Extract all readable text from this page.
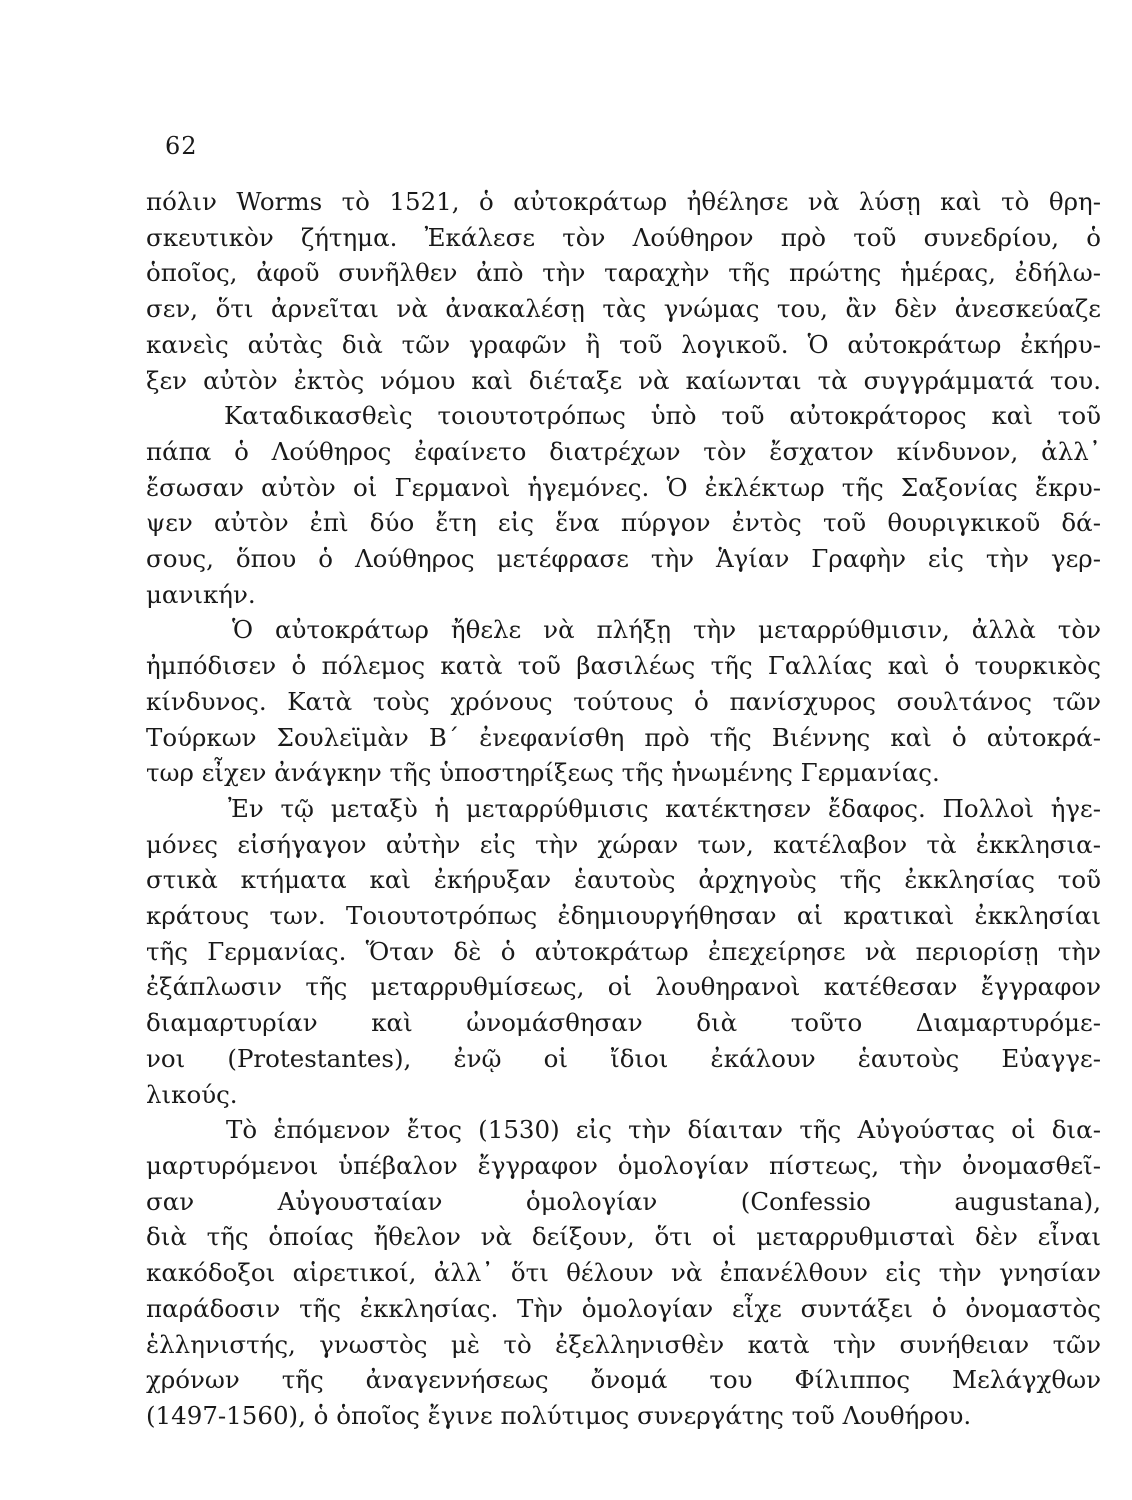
62

πόλιν Worms τὸ 1521, ὁ αὐτοκράτωρ ἠθέλησε νὰ λύσῃ καὶ τὸ θρη-

σκευτικὸν ζήτημα. Ἐκάλεσε τὸν Λούθηρον πρὸ τοῦ συνεδρίου, ὁ

ὁποῖος, ἀφοῦ συνῆλθεν ἀπὸ τὴν ταραχὴν τῆς πρώτης ἡμέρας, ἐδήλω-

σεν, ὅτι ἀρνεῖται νὰ ἀνακαλέσῃ τὰς γνώμας του, ἂν δὲν ἀνεσκεύαζε

κανεὶς αὐτὰς διὰ τῶν γραφῶν ἢ τοῦ λογικοῦ. Ὁ αὐτοκράτωρ ἐκήρυ-

ξεν αὐτὸν ἐκτὸς νόμου καὶ διέταξε νὰ καίωνται τὰ συγγράμματά του.

Καταδικασθεὶς τοιουτοτρόπως ὑπὸ τοῦ αὐτοκράτορος καὶ τοῦ

πάπα ὁ Λούθηρος ἐφαίνετο διατρέχων τὸν ἔσχατον κίνδυνον, ἀλλ᾽

ἔσωσαν αὐτὸν οἱ Γερμανοὶ ἡγεμόνες. Ὁ ἐκλέκτωρ τῆς Σαξονίας ἔκρυ-

ψεν αὐτὸν ἐπὶ δύο ἔτη εἰς ἕνα πύργον ἐντὸς τοῦ θουριγκικοῦ δά-

σους, ὅπου ὁ Λούθηρος μετέφρασε τὴν Ἁγίαν Γραφὴν εἰς τὴν γερ-

μανικήν.

Ὁ αὐτοκράτωρ ἤθελε νὰ πλήξῃ τὴν μεταρρύθμισιν, ἀλλὰ τὸν

ἠμπόδισεν ὁ πόλεμος κατὰ τοῦ βασιλέως τῆς Γαλλίας καὶ ὁ τουρκικὸς

κίνδυνος. Κατὰ τοὺς χρόνους τούτους ὁ πανίσχυρος σουλτάνος τῶν

Τούρκων Σουλεϊμὰν Β΄ ἐνεφανίσθη πρὸ τῆς Βιέννης καὶ ὁ αὐτοκρά-

τωρ εἶχεν ἀνάγκην τῆς ὑποστηρίξεως τῆς ἡνωμένης Γερμανίας.

Ἐν τῷ μεταξὺ ἡ μεταρρύθμισις κατέκτησεν ἔδαφος. Πολλοὶ ἡγε-

μόνες εἰσήγαγον αὐτὴν εἰς τὴν χώραν των, κατέλαβον τὰ ἐκκλησια-

στικὰ κτήματα καὶ ἐκήρυξαν ἑαυτοὺς ἀρχηγοὺς τῆς ἐκκλησίας τοῦ

κράτους των. Τοιουτοτρόπως ἐδημιουργήθησαν αἱ κρατικαὶ ἐκκλησίαι

τῆς Γερμανίας. Ὅταν δὲ ὁ αὐτοκράτωρ ἐπεχείρησε νὰ περιορίσῃ τὴν

ἐξάπλωσιν τῆς μεταρρυθμίσεως, οἱ λουθηρανοὶ κατέθεσαν ἔγγραφον

διαμαρτυρίαν καὶ ὠνομάσθησαν διὰ τοῦτο Διαμαρτυρόμε-

νοι (Protestantes), ἐνῷ οἱ ἴδιοι ἐκάλουν ἑαυτοὺς Εὐαγγε-

λικούς.

Τὸ ἑπόμενον ἔτος (1530) εἰς τὴν δίαιταν τῆς Αὐγούστας οἱ δια-

μαρτυρόμενοι ὑπέβαλον ἔγγραφον ὁμολογίαν πίστεως, τὴν ὀνομασθεῖ-

σαν Αὐγουσταίαν ὁμολογίαν (Confessio augustana),

διὰ τῆς ὁποίας ἤθελον νὰ δείξουν, ὅτι οἱ μεταρρυθμισταὶ δὲν εἶναι

κακόδοξοι αἱρετικοί, ἀλλ᾽ ὅτι θέλουν νὰ ἐπανέλθουν εἰς τὴν γνησίαν

παράδοσιν τῆς ἐκκλησίας. Τὴν ὁμολογίαν εἶχε συντάξει ὁ ὀνομαστὸς

ἑλληνιστής, γνωστὸς μὲ τὸ ἐξελληνισθὲν κατὰ τὴν συνήθειαν τῶν

χρόνων τῆς ἀναγεννήσεως ὄνομά του Φίλιππος Μελάγχθων

(1497-1560), ὁ ὁποῖος ἔγινε πολύτιμος συνεργάτης τοῦ Λουθήρου.
